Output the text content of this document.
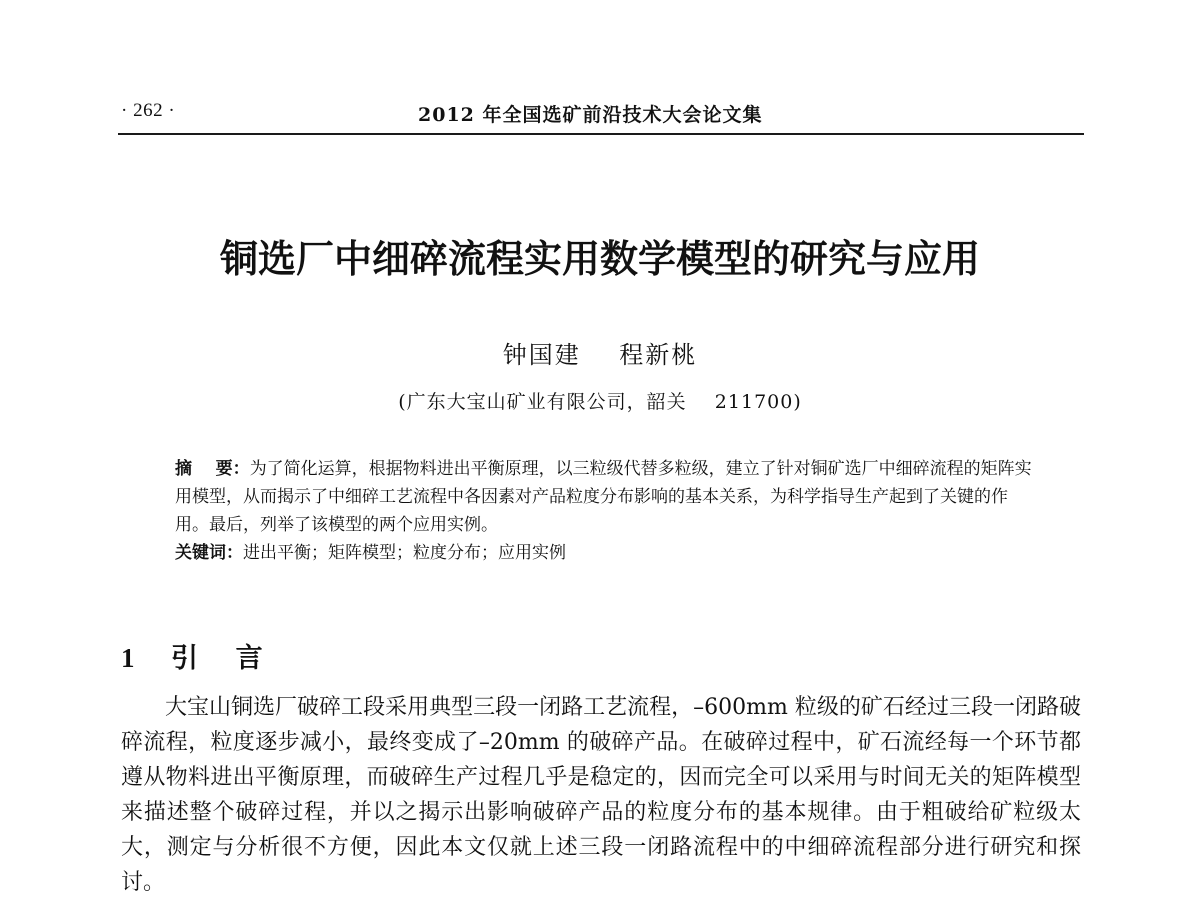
· 262 ·	2012 年全国选矿前沿技术大会论文集
铜选厂中细碎流程实用数学模型的研究与应用
钟国建    程新桃
(广东大宝山矿业有限公司，韶关    211700)

摘    要：为了简化运算，根据物料进出平衡原理，以三粒级代替多粒级，建立了针对铜矿选厂中细碎流程的矩阵实用模型，从而揭示了中细碎工艺流程中各因素对产品粒度分布影响的基本关系，为科学指导生产起到了关键的作用。最后，列举了该模型的两个应用实例。

关键词：进出平衡；矩阵模型；粒度分布；应用实例

1 引    言

大宝山铜选厂破碎工段采用典型三段一闭路工艺流程，–600mm 粒级的矿石经过三段一闭路破碎流程，粒度逐步减小，最终变成了–20mm 的破碎产品。在破碎过程中，矿石流经每一个环节都遵从物料进出平衡原理，而破碎生产过程几乎是稳定的，因而完全可以采用与时间无关的矩阵模型来描述整个破碎过程，并以之揭示出影响破碎产品的粒度分布的基本规律。由于粗破给矿粒级太大，测定与分析很不方便，因此本文仅就上述三段一闭路流程中的中细碎流程部分进行研究和探讨。
